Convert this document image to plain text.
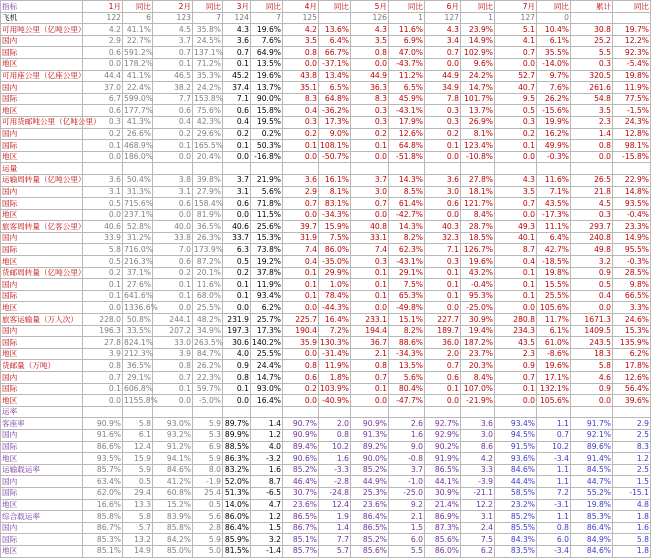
指标	1月	同比	2月	同比	3月	同比	4月	同比	5月	同比	6月	同比	7月	同比	累计	同比
飞机	122	6	123	7	124	7	125		126	1	127	1	127	0		
可用吨公里（亿吨公里）	4.2	41.1%	4.5	35.8%	4.3	19.6%	4.2	13.6%	4.3	11.6%	4.3	23.9%	5.1	10.4%	30.8	19.7%
国内	2.9	22.7%	3.7	24.5%	3.6	7.6%	3.5	6.4%	3.5	6.9%	3.4	14.9%	4.1	6.1%	25.2	12.2%
国际	0.6	591.2%	0.7	137.1%	0.7	64.9%	0.8	66.7%	0.8	47.0%	0.7	102.9%	0.7	35.5%	5.5	92.3%
地区	0.0	178.2%	0.1	71.2%	0.1	13.5%	0.0	-37.1%	0.0	-43.7%	0.0	9.6%	0.0	-14.0%	0.3	-5.4%
可用座公里（亿座公里）	44.4	41.1%	46.5	35.3%	45.2	19.6%	43.8	13.4%	44.9	11.2%	44.9	24.2%	52.7	9.7%	320.5	19.8%
国内	37.0	22.4%	38.2	24.2%	37.4	13.7%	35.1	6.5%	36.3	6.5%	34.9	14.7%	40.7	7.6%	261.6	11.9%
国际	6.7	599.0%	7.7	153.8%	7.1	90.0%	8.3	64.8%	8.3	45.9%	7.8	101.7%	9.5	26.2%	54.8	77.5%
地区	0.6	177.7%	0.6	75.6%	0.6	15.8%	0.4	-36.2%	0.3	-43.1%	0.3	13.7%	0.5	-15.6%	3.5	-1.5%
可用货邮吨公里（亿吨公里）	0.3	41.3%	0.4	42.3%	0.4	19.5%	0.3	17.3%	0.3	17.9%	0.3	26.9%	0.3	19.9%	2.3	24.3%
国内	0.2	26.6%	0.2	29.6%	0.2	0.2%	0.2	9.0%	0.2	12.6%	0.2	8.1%	0.2	16.2%	1.4	12.8%
国际	0.1	468.9%	0.1	165.5%	0.1	50.3%	0.1	108.1%	0.1	64.8%	0.1	123.4%	0.1	49.9%	0.8	98.1%
地区	0.0	186.0%	0.0	20.4%	0.0	-16.8%	0.0	-50.7%	0.0	-51.8%	0.0	-10.8%	0.0	-0.3%	0.0	-15.8%
运量																
运输周转量（亿吨公里）	3.6	50.4%	3.8	39.8%	3.7	21.9%	3.6	16.1%	3.7	14.3%	3.6	27.8%	4.3	11.6%	26.5	22.9%
国内	3.1	31.3%	3.1	27.9%	3.1	5.6%	2.9	8.1%	3.0	8.5%	3.0	18.1%	3.5	7.1%	21.8	14.8%
国际	0.5	715.6%	0.6	158.4%	0.6	71.8%	0.7	83.1%	0.7	61.4%	0.6	121.7%	0.7	43.5%	4.5	93.5%
地区	0.0	237.1%	0.0	81.9%	0.0	11.5%	0.0	-34.3%	0.0	-42.7%	0.0	8.4%	0.0	-17.3%	0.3	-0.4%
旅客周转量（亿客公里）	40.6	52.8%	40.0	36.5%	40.6	25.6%	39.7	15.9%	40.8	14.3%	40.3	28.7%	49.3	11.1%	293.7	23.3%
国内	33.9	31.2%	33.8	26.3%	33.7	15.3%	31.9	7.5%	33.1	8.2%	32.3	18.5%	40.1	6.4%	240.8	14.9%
国际	5.8	716.0%	7.0	173.9%	6.3	73.8%	7.4	86.0%	7.4	62.3%	7.1	126.7%	8.7	42.7%	49.8	95.5%
地区	0.5	216.3%	0.6	87.2%	0.5	19.2%	0.4	-35.0%	0.3	-43.1%	0.3	19.6%	0.4	-18.5%	3.2	-0.3%
货邮周转量（亿吨公里）	0.2	37.1%	0.2	20.1%	0.2	37.8%	0.1	29.9%	0.1	29.1%	0.1	43.2%	0.1	19.8%	0.9	28.5%
国内	0.1	27.6%	0.1	11.6%	0.1	11.9%	0.1	1.0%	0.1	7.5%	0.1	-0.4%	0.1	15.5%	0.5	9.8%
国际	0.1	641.6%	0.1	68.0%	0.1	93.4%	0.1	78.4%	0.1	65.3%	0.1	95.3%	0.1	25.5%	0.4	66.5%
地区	0.0	1336.6%	0.0	25.5%	0.0	6.2%	0.0	-44.3%	0.0	-49.8%	0.0	-25.0%	0.0	105.6%	0.0	3.3%
旅客运输量（万人次）	228.0	50.8%	244.1	48.2%	231.9	25.7%	225.7	16.4%	233.1	15.1%	227.7	30.9%	280.8	11.7%	1671.3	24.6%
国内	196.3	33.5%	207.2	34.9%	197.3	17.3%	190.4	7.2%	194.4	8.2%	189.7	19.4%	234.3	6.1%	1409.5	15.3%
国际	27.8	824.1%	33.0	263.5%	30.6	140.2%	35.9	130.3%	36.7	88.6%	36.0	187.2%	43.5	61.0%	243.5	135.9%
地区	3.9	212.3%	3.9	84.7%	4.0	25.5%	0.0	-31.4%	2.1	-34.3%	2.0	23.7%	2.3	-8.6%	18.3	6.2%
货邮量（万吨）	0.8	36.5%	0.8	26.2%	0.9	24.4%	0.8	11.9%	0.8	13.5%	0.7	20.3%	0.9	19.6%	5.8	17.8%
国内	0.7	29.1%	0.7	22.3%	0.8	14.7%	0.6	1.8%	0.7	5.6%	0.6	8.4%	0.7	17.1%	4.6	12.6%
国际	0.1	606.8%	0.1	59.7%	0.1	93.0%	0.2	103.9%	0.1	80.4%	0.1	107.0%	0.1	132.1%	0.9	56.4%
地区	0.0	1155.8%	0.0	-5.0%	0.0	16.4%	0.0	-40.9%	0.0	-47.7%	0.0	-21.9%	0.0	105.6%	0.0	39.6%
运率																
客座率	90.9%	5.8	93.0%	5.9	89.7%	1.4	90.7%	2.0	90.9%	2.6	92.7%	3.6	93.4%	1.1	91.7%	2.9
国内	91.6%	6.1	93.2%	5.3	89.9%	1.2	90.9%	0.8	91.3%	1.6	92.9%	3.0	94.5%	0.7	92.1%	2.5
国际	86.6%	12.4	91.2%	6.9	88.5%	4.0	89.4%	10.2	89.2%	9.0	90.2%	8.6	91.5%	10.2	89.6%	8.3
地区	93.5%	15.9	94.1%	5.9	86.3%	-3.2	90.6%	1.6	90.0%	-0.8	91.9%	4.2	93.6%	-3.4	91.4%	1.2
运输载运率	85.7%	5.9	84.6%	8.0	83.2%	1.6	85.2%	-3.3	85.2%	3.7	86.5%	3.3	84.6%	1.1	84.5%	2.5
国内	63.4%	0.5	41.2%	-1.9	52.0%	8.7	46.4%	-2.8	44.9%	-1.0	44.1%	-3.9	44.4%	1.1	44.7%	1.5
国际	62.0%	29.4	60.8%	25.4	51.3%	-6.5	30.7%	-24.8	25.3%	-25.0	30.9%	-21.1	58.5%	7.2	55.2%	-15.1
地区	16.6%	13.3	15.2%	0.5	14.0%	4.7	23.6%	12.4	23.6%	9.2	21.4%	12.2	23.2%	-3.1	19.8%	4.8
综合载运率	85.8%	5.8	83.9%	5.6	86.0%	1.2	86.5%	1.9	86.4%	2.1	86.9%	3.1	85.2%	1.1	85.3%	1.8
国内	86.7%	5.7	85.8%	2.8	86.4%	1.5	86.7%	1.4	86.5%	1.5	87.3%	2.4	85.5%	0.8	86.4%	1.6
国际	85.3%	13.2	84.2%	5.9	85.9%	3.2	85.1%	7.7	85.2%	6.0	85.6%	7.5	84.3%	6.0	84.9%	5.8
地区	85.1%	14.9	85.0%	5.0	81.5%	-1.4	85.7%	5.7	85.6%	5.5	86.0%	6.2	83.5%	-3.4	84.6%	1.8
